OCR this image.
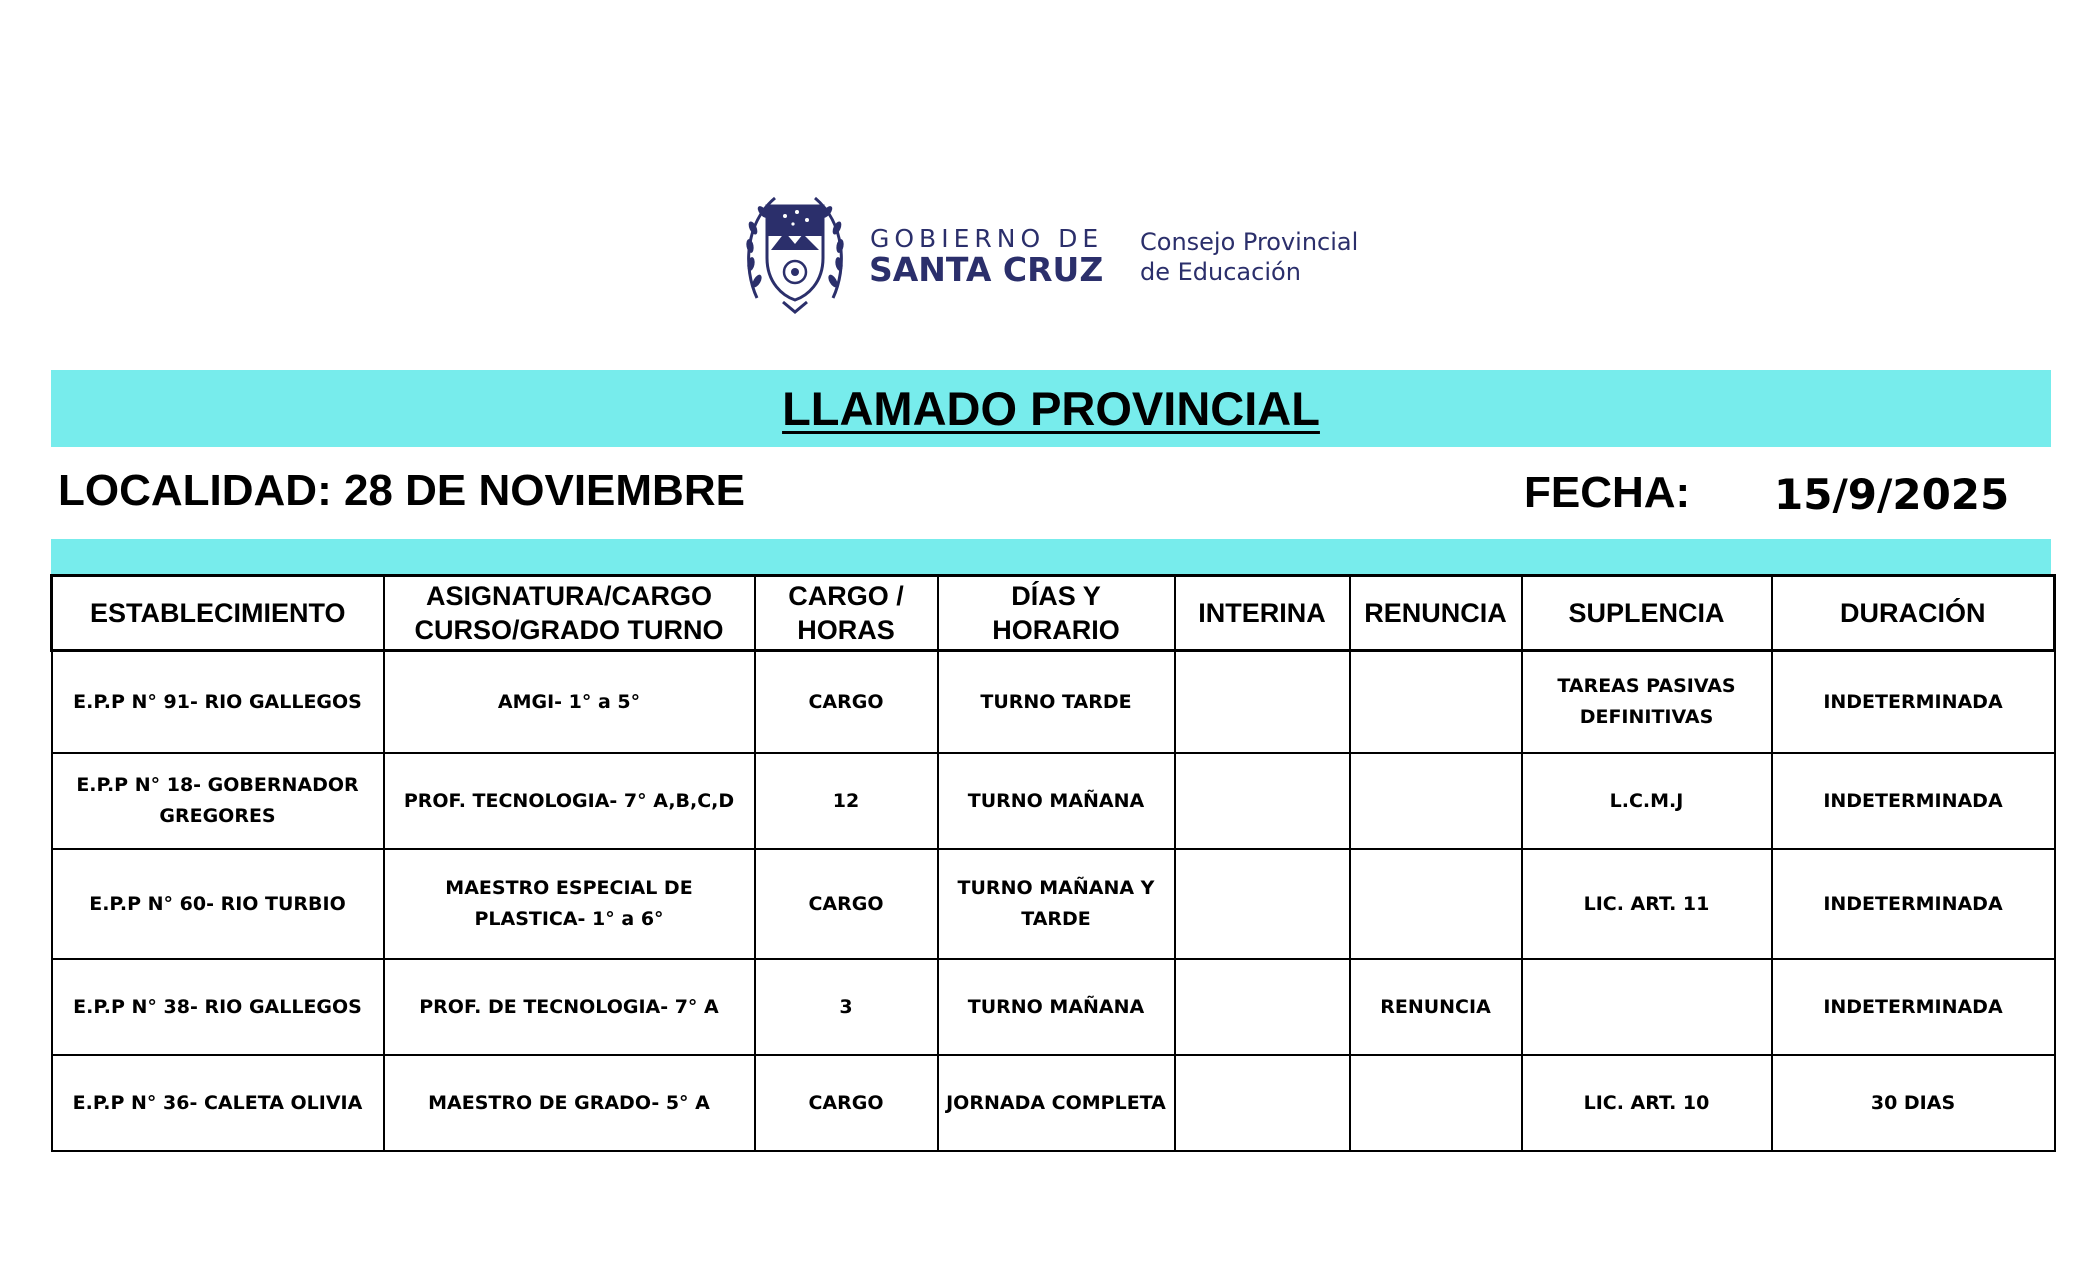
GOBIERNO DE
SANTA CRUZ
Consejo Provincial
de Educación
LLAMADO PROVINCIAL
LOCALIDAD: 28 DE NOVIEMBRE	FECHA: 15/9/2025
ESTABLECIMIENTO	ASIGNATURA/CARGO CURSO/GRADO TURNO	CARGO / HORAS	DÍAS Y HORARIO	INTERINA	RENUNCIA	SUPLENCIA	DURACIÓN
E.P.P N° 91- RIO GALLEGOS	AMGI- 1° a 5°	CARGO	TURNO TARDE			TAREAS PASIVAS DEFINITIVAS	INDETERMINADA
E.P.P N° 18- GOBERNADOR GREGORES	PROF. TECNOLOGIA- 7° A,B,C,D	12	TURNO MAÑANA			L.C.M.J	INDETERMINADA
E.P.P N° 60- RIO TURBIO	MAESTRO ESPECIAL DE PLASTICA- 1° a 6°	CARGO	TURNO MAÑANA Y TARDE			LIC. ART. 11	INDETERMINADA
E.P.P N° 38- RIO GALLEGOS	PROF. DE TECNOLOGIA- 7° A	3	TURNO MAÑANA		RENUNCIA		INDETERMINADA
E.P.P N° 36- CALETA OLIVIA	MAESTRO DE GRADO- 5° A	CARGO	JORNADA COMPLETA			LIC. ART. 10	30 DIAS
